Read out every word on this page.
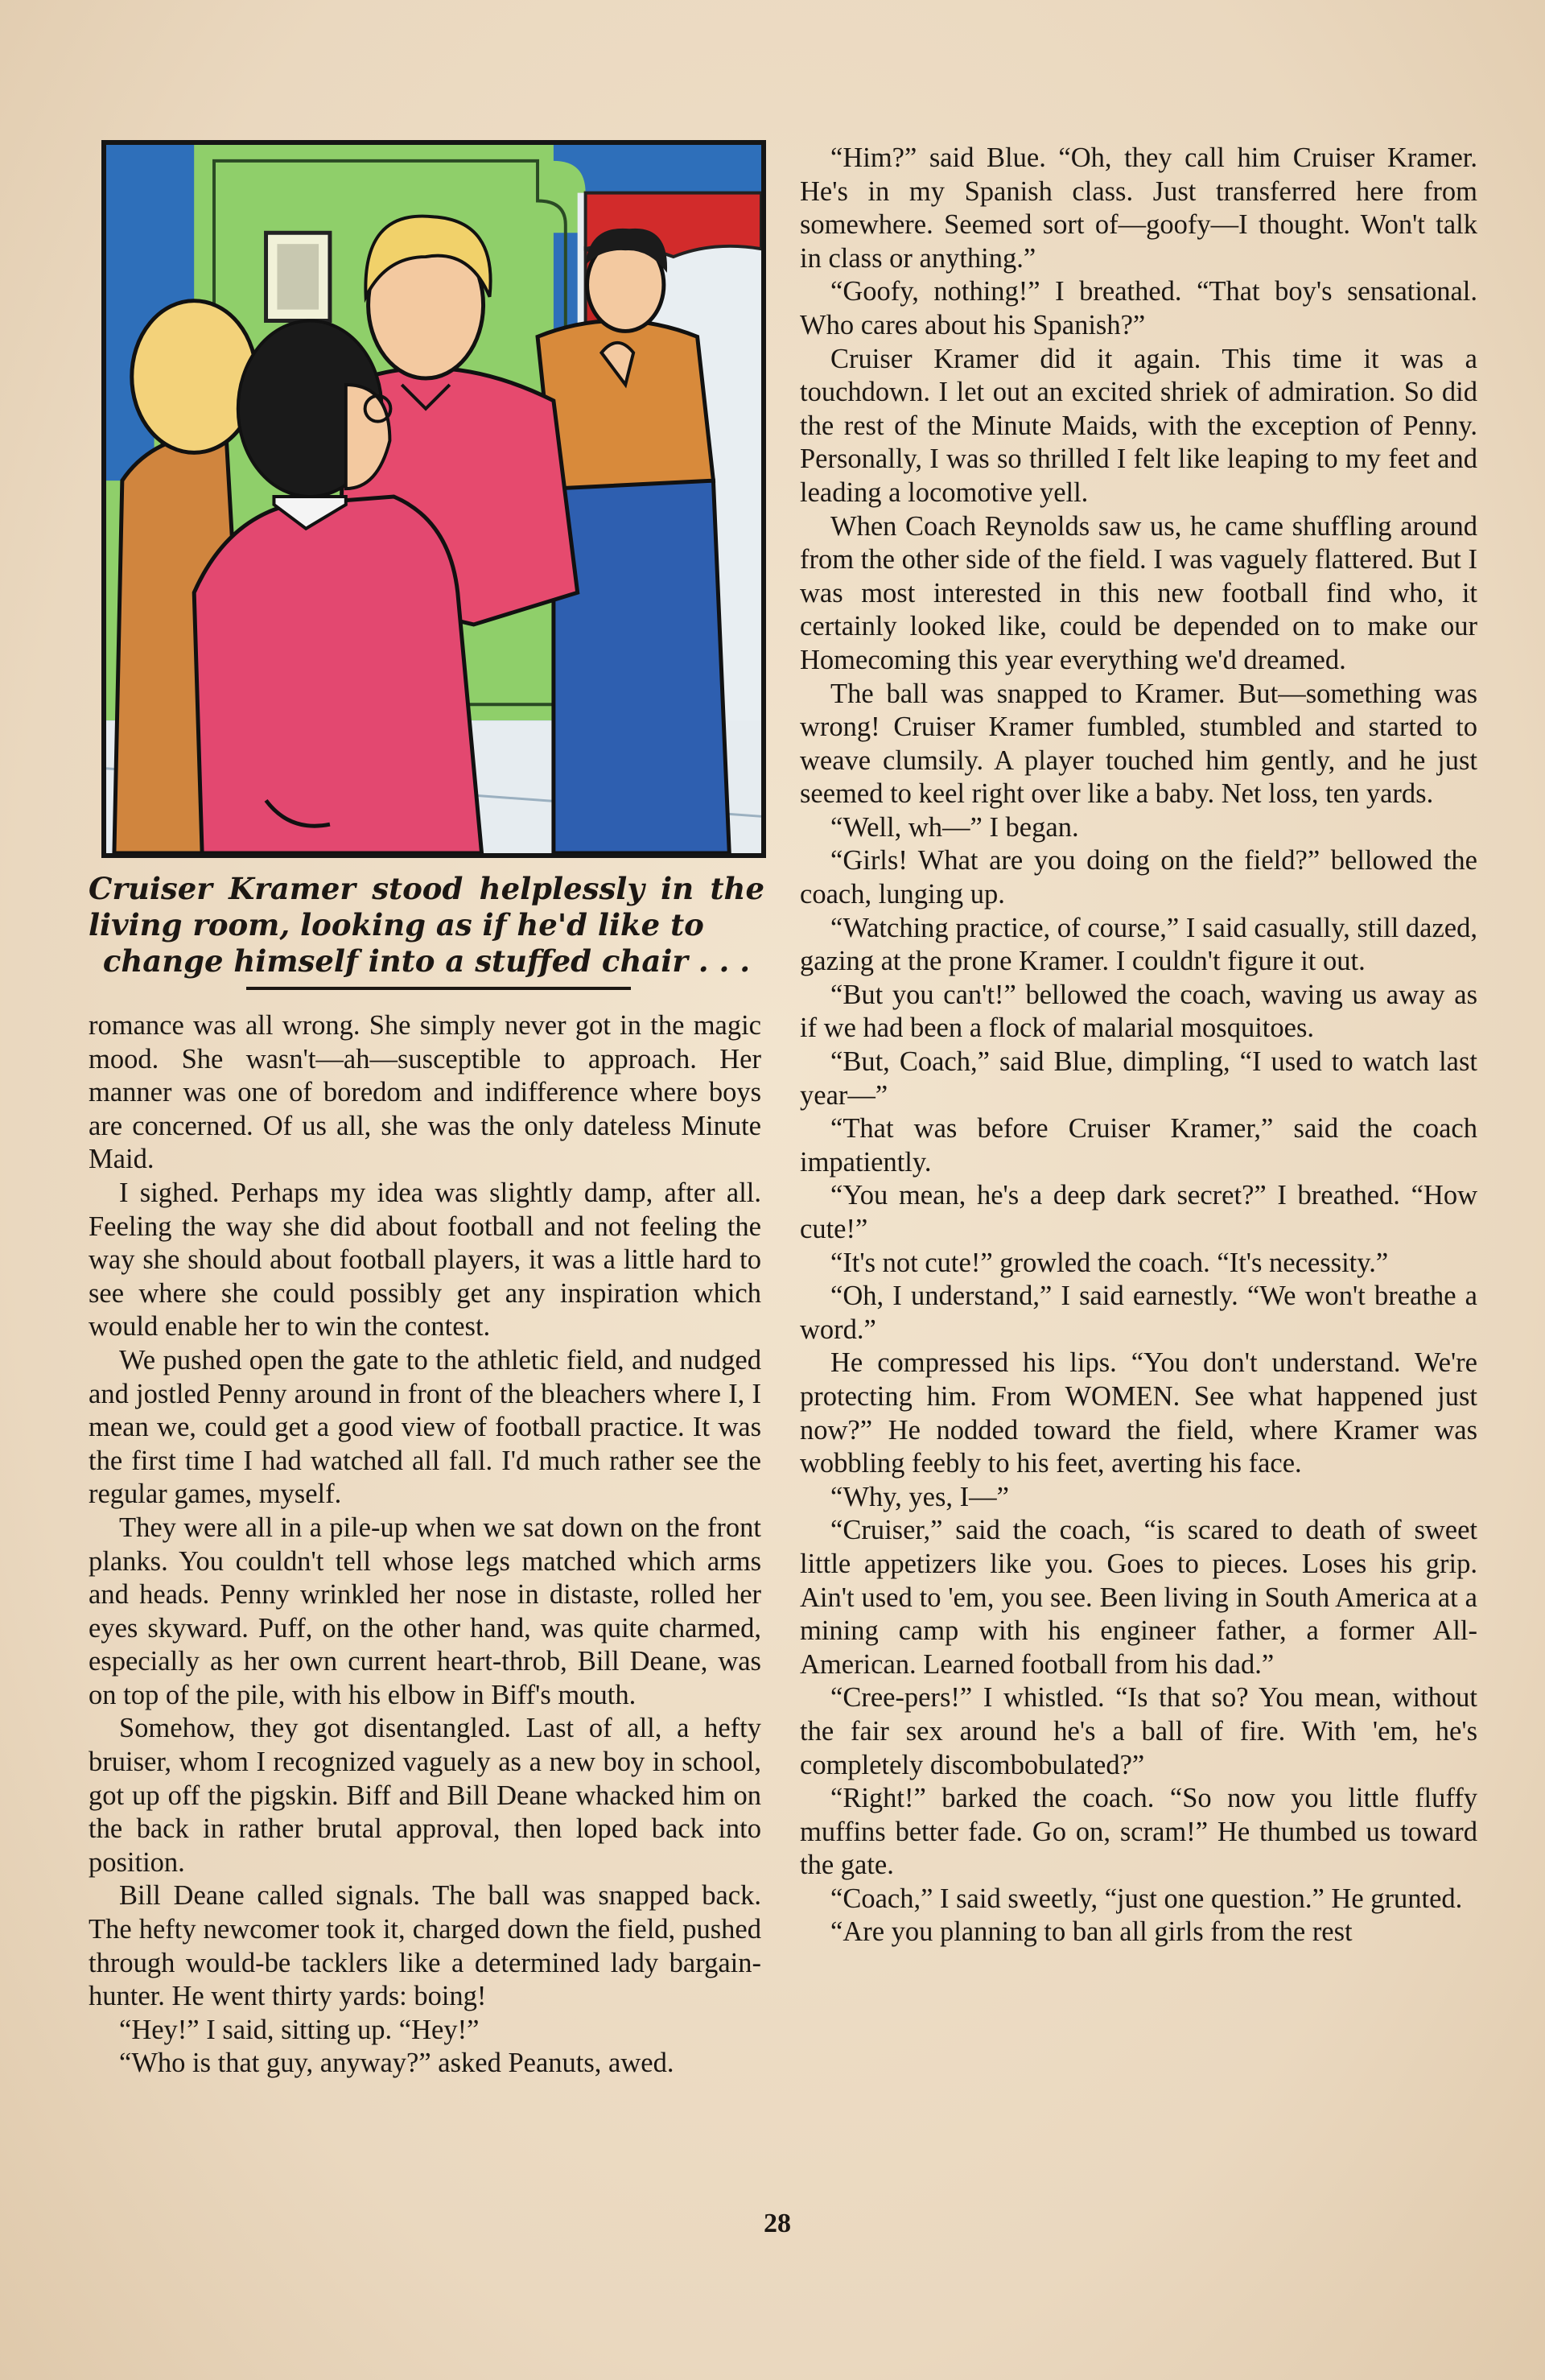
Cruiser Kramer stood helplessly in the living room, looking as if he'd like to

change himself into a stuffed chair . . .

romance was all wrong. She simply never got in the magic mood. She wasn't—ah—susceptible to approach. Her manner was one of boredom and indifference where boys are concerned. Of us all, she was the only dateless Minute Maid.

I sighed. Perhaps my idea was slightly damp, after all. Feeling the way she did about football and not feeling the way she should about football players, it was a little hard to see where she could possibly get any inspiration which would enable her to win the contest.

We pushed open the gate to the athletic field, and nudged and jostled Penny around in front of the bleachers where I, I mean we, could get a good view of football practice. It was the first time I had watched all fall. I'd much rather see the regular games, myself.

They were all in a pile-up when we sat down on the front planks. You couldn't tell whose legs matched which arms and heads. Penny wrinkled her nose in distaste, rolled her eyes skyward. Puff, on the other hand, was quite charmed, especially as her own current heart-throb, Bill Deane, was on top of the pile, with his elbow in Biff's mouth.

Somehow, they got disentangled. Last of all, a hefty bruiser, whom I recognized vaguely as a new boy in school, got up off the pigskin. Biff and Bill Deane whacked him on the back in rather brutal approval, then loped back into position.

Bill Deane called signals. The ball was snapped back. The hefty newcomer took it, charged down the field, pushed through would-be tacklers like a determined lady bargain-hunter. He went thirty yards: boing!

“Hey!” I said, sitting up. “Hey!”

“Who is that guy, anyway?” asked Peanuts, awed.

“Him?” said Blue. “Oh, they call him Cruiser Kramer. He's in my Spanish class. Just transferred here from somewhere. Seemed sort of—goofy—I thought. Won't talk in class or anything.”

“Goofy, nothing!” I breathed. “That boy's sensational. Who cares about his Spanish?”

Cruiser Kramer did it again. This time it was a touchdown. I let out an excited shriek of admiration. So did the rest of the Minute Maids, with the exception of Penny. Personally, I was so thrilled I felt like leaping to my feet and leading a locomotive yell.

When Coach Reynolds saw us, he came shuffling around from the other side of the field. I was vaguely flattered. But I was most interested in this new football find who, it certainly looked like, could be depended on to make our Homecoming this year everything we'd dreamed.

The ball was snapped to Kramer. But—something was wrong! Cruiser Kramer fumbled, stumbled and started to weave clumsily. A player touched him gently, and he just seemed to keel right over like a baby. Net loss, ten yards.

“Well, wh—” I began.

“Girls! What are you doing on the field?” bellowed the coach, lunging up.

“Watching practice, of course,” I said casually, still dazed, gazing at the prone Kramer. I couldn't figure it out.

“But you can't!” bellowed the coach, waving us away as if we had been a flock of malarial mosquitoes.

“But, Coach,” said Blue, dimpling, “I used to watch last year—”

“That was before Cruiser Kramer,” said the coach impatiently.

“You mean, he's a deep dark secret?” I breathed. “How cute!”

“It's not cute!” growled the coach. “It's necessity.”

“Oh, I understand,” I said earnestly. “We won't breathe a word.”

He compressed his lips. “You don't understand. We're protecting him. From WOMEN. See what happened just now?” He nodded toward the field, where Kramer was wobbling feebly to his feet, averting his face.

“Why, yes, I—”

“Cruiser,” said the coach, “is scared to death of sweet little appetizers like you. Goes to pieces. Loses his grip. Ain't used to 'em, you see. Been living in South America at a mining camp with his engineer father, a former All-American. Learned football from his dad.”

“Cree-pers!” I whistled. “Is that so? You mean, without the fair sex around he's a ball of fire. With 'em, he's completely discombobulated?”

“Right!” barked the coach. “So now you little fluffy muffins better fade. Go on, scram!” He thumbed us toward the gate.

“Coach,” I said sweetly, “just one question.” He grunted.

“Are you planning to ban all girls from the rest

28
